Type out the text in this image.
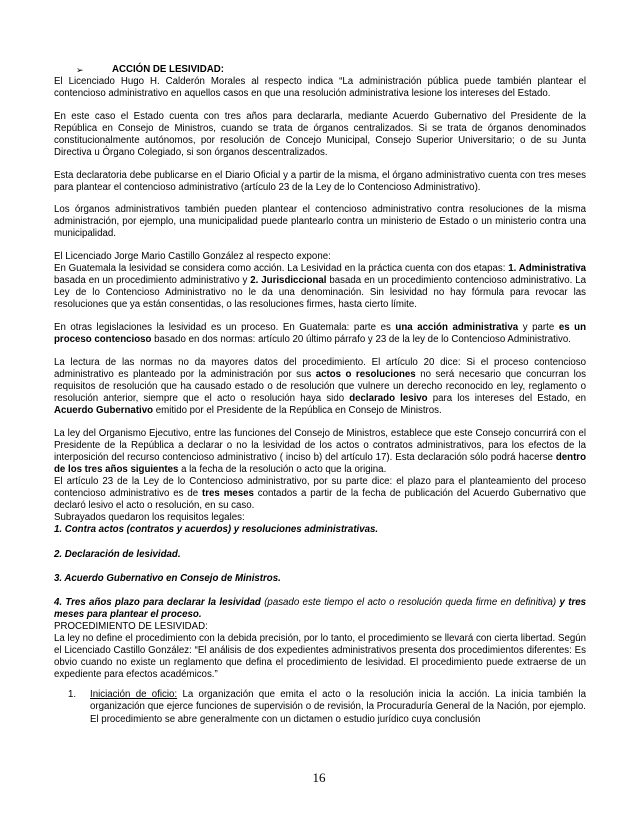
➢	ACCIÓN DE LESIVIDAD:

El Licenciado Hugo H. Calderón Morales al respecto indica “La administración pública puede también plantear el contencioso administrativo en aquellos casos en que una resolución administrativa lesione los intereses del Estado.

En este caso el Estado cuenta con tres años para declararla, mediante Acuerdo Gubernativo del Presidente de la República en Consejo de Ministros, cuando se trata de órganos centralizados. Si se trata de órganos denominados constitucionalmente autónomos, por resolución de Concejo Municipal, Consejo Superior Universitario; o de su Junta Directiva u Órgano Colegiado, si son órganos descentralizados.

Esta declaratoria debe publicarse en el Diario Oficial y a partir de la misma, el órgano administrativo cuenta con tres meses para plantear el contencioso administrativo (artículo 23 de la Ley de lo Contencioso Administrativo).

Los órganos administrativos también pueden plantear el contencioso administrativo contra resoluciones de la misma administración, por ejemplo, una municipalidad puede plantearlo contra un ministerio de Estado o un ministerio contra una municipalidad.

El Licenciado Jorge Mario Castillo González al respecto expone:

En Guatemala la lesividad se considera como acción. La Lesividad en la práctica cuenta con dos etapas: 1. Administrativa basada en un procedimiento administrativo y 2. Jurisdiccional basada en un procedimiento contencioso administrativo. La Ley de lo Contencioso Administrativo no le da una denominación. Sin lesividad no hay fórmula para revocar las resoluciones que ya están consentidas, o las resoluciones firmes, hasta cierto límite.

En otras legislaciones la lesividad es un proceso. En Guatemala: parte es una acción administrativa y parte es un proceso contencioso basado en dos normas: artículo 20 último párrafo y 23 de la ley de lo Contencioso Administrativo.

La lectura de las normas no da mayores datos del procedimiento. El artículo 20 dice: Si el proceso contencioso administrativo es planteado por la administración por sus actos o resoluciones no será necesario que concurran los requisitos de resolución que ha causado estado o de resolución que vulnere un derecho reconocido en ley, reglamento o resolución anterior, siempre que el acto o resolución haya sido declarado lesivo para los intereses del Estado, en Acuerdo Gubernativo emitido por el Presidente de la República en Consejo de Ministros.

La ley del Organismo Ejecutivo, entre las funciones del Consejo de Ministros, establece que este Consejo concurrirá con el Presidente de la República a declarar o no la lesividad de los actos o contratos administrativos, para los efectos de la interposición del recurso contencioso administrativo ( inciso b) del artículo 17). Esta declaración sólo podrá hacerse dentro de los tres años siguientes a la fecha de la resolución o acto que la origina.

El artículo 23 de la Ley de lo Contencioso administrativo, por su parte dice: el plazo para el planteamiento del proceso contencioso administrativo es de tres meses contados a partir de la fecha de publicación del Acuerdo Gubernativo que declaró lesivo el acto o resolución, en su caso.

Subrayados quedaron los requisitos legales:

1. Contra actos (contratos y acuerdos) y resoluciones administrativas.

2. Declaración de lesividad.

3. Acuerdo Gubernativo en Consejo de Ministros.

4. Tres años plazo para declarar la lesividad (pasado este tiempo el acto o resolución queda firme en definitiva) y tres meses para plantear el proceso.

PROCEDIMIENTO DE LESIVIDAD:

La ley no define el procedimiento con la debida precisión, por lo tanto, el procedimiento se llevará con cierta libertad. Según el Licenciado Castillo González: “El análisis de dos expedientes administrativos presenta dos procedimientos diferentes: Es obvio cuando no existe un reglamento que defina el procedimiento de lesividad. El procedimiento puede extraerse de un expediente para efectos académicos.”

1. Iniciación de oficio: La organización que emita el acto o la resolución inicia la acción. La inicia también la organización que ejerce funciones de supervisión o de revisión, la Procuraduría General de la Nación, por ejemplo. El procedimiento se abre generalmente con un dictamen o estudio jurídico cuya conclusión
16
